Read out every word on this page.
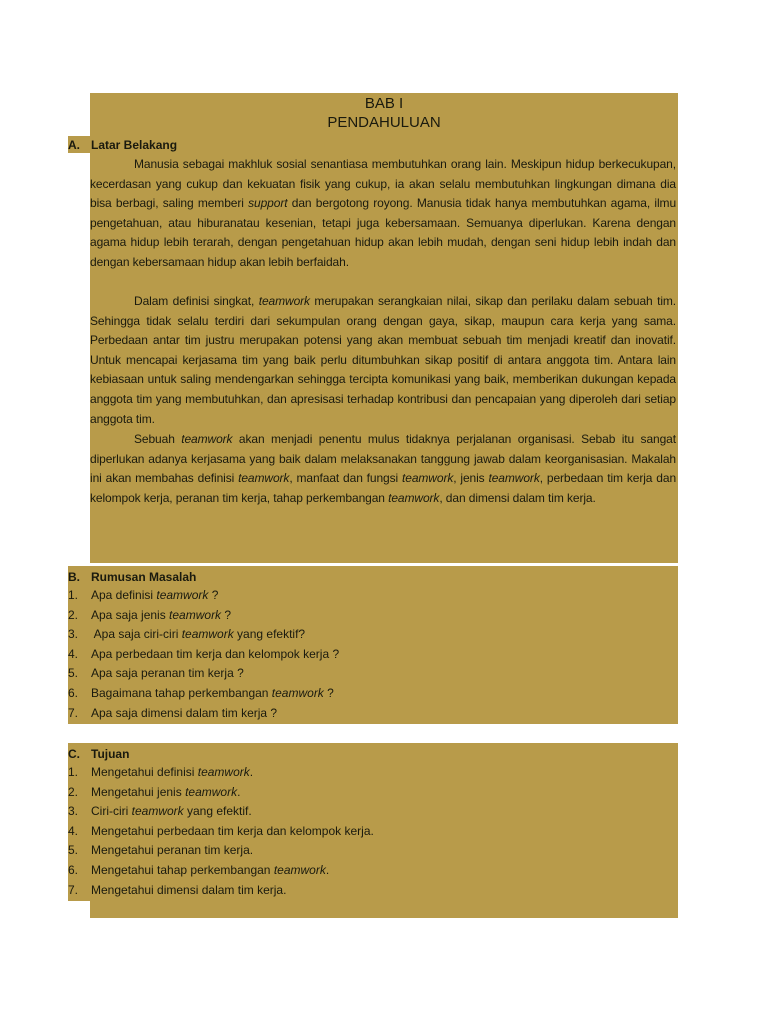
BAB I
PENDAHULUAN
A. Latar Belakang
Manusia sebagai makhluk sosial senantiasa membutuhkan orang lain. Meskipun hidup berkecukupan, kecerdasan yang cukup dan kekuatan fisik yang cukup, ia akan selalu membutuhkan lingkungan dimana dia bisa berbagi, saling memberi support dan bergotong royong. Manusia tidak hanya membutuhkan agama, ilmu pengetahuan, atau hiburanatau kesenian, tetapi juga kebersamaan. Semuanya diperlukan. Karena dengan agama hidup lebih terarah, dengan pengetahuan hidup akan lebih mudah, dengan seni hidup lebih indah dan dengan kebersamaan hidup akan lebih berfaidah.
Dalam definisi singkat, teamwork merupakan serangkaian nilai, sikap dan perilaku dalam sebuah tim. Sehingga tidak selalu terdiri dari sekumpulan orang dengan gaya, sikap, maupun cara kerja yang sama. Perbedaan antar tim justru merupakan potensi yang akan membuat sebuah tim menjadi kreatif dan inovatif. Untuk mencapai kerjasama tim yang baik perlu ditumbuhkan sikap positif di antara anggota tim. Antara lain kebiasaan untuk saling mendengarkan sehingga tercipta komunikasi yang baik, memberikan dukungan kepada anggota tim yang membutuhkan, dan apresisasi terhadap kontribusi dan pencapaian yang diperoleh dari setiap anggota tim.
Sebuah teamwork akan menjadi penentu mulus tidaknya perjalanan organisasi. Sebab itu sangat diperlukan adanya kerjasama yang baik dalam melaksanakan tanggung jawab dalam keorganisasian. Makalah ini akan membahas definisi teamwork, manfaat dan fungsi teamwork, jenis teamwork, perbedaan tim kerja dan kelompok kerja, peranan tim kerja, tahap perkembangan teamwork, dan dimensi dalam tim kerja.
B. Rumusan Masalah
1. Apa definisi teamwork ?
2. Apa saja jenis teamwork ?
3. Apa saja ciri-ciri teamwork yang efektif?
4. Apa perbedaan tim kerja dan kelompok kerja ?
5. Apa saja peranan tim kerja ?
6. Bagaimana tahap perkembangan teamwork ?
7. Apa saja dimensi dalam tim kerja ?
C. Tujuan
1. Mengetahui definisi teamwork.
2. Mengetahui jenis teamwork.
3. Ciri-ciri teamwork yang efektif.
4. Mengetahui perbedaan tim kerja dan kelompok kerja.
5. Mengetahui peranan tim kerja.
6. Mengetahui tahap perkembangan teamwork.
7. Mengetahui dimensi dalam tim kerja.
